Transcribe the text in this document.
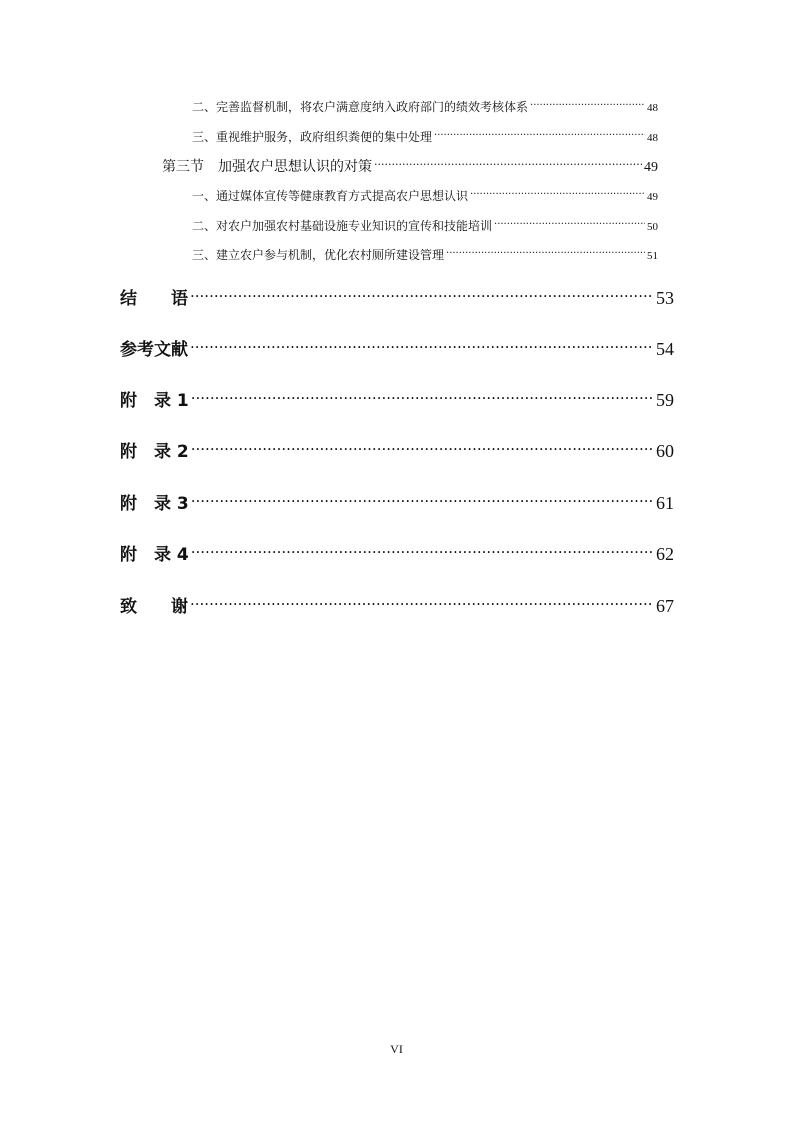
二、完善监督机制，将农户满意度纳入政府部门的绩效考核体系 .....	48
三、重视维护服务，政府组织粪便的集中处理 .....	48
第三节　加强农户思想认识的对策 .....	49
一、通过媒体宣传等健康教育方式提高农户思想认识 .....	49
二、对农户加强农村基础设施专业知识的宣传和技能培训 .....	50
三、建立农户参与机制，优化农村厕所建设管理 .....	51
结　　语 .....	53
参考文献 .....	54
附　录 1 .....	59
附　录 2 .....	60
附　录 3 .....	61
附　录 4 .....	62
致　　谢 .....	67
VI
